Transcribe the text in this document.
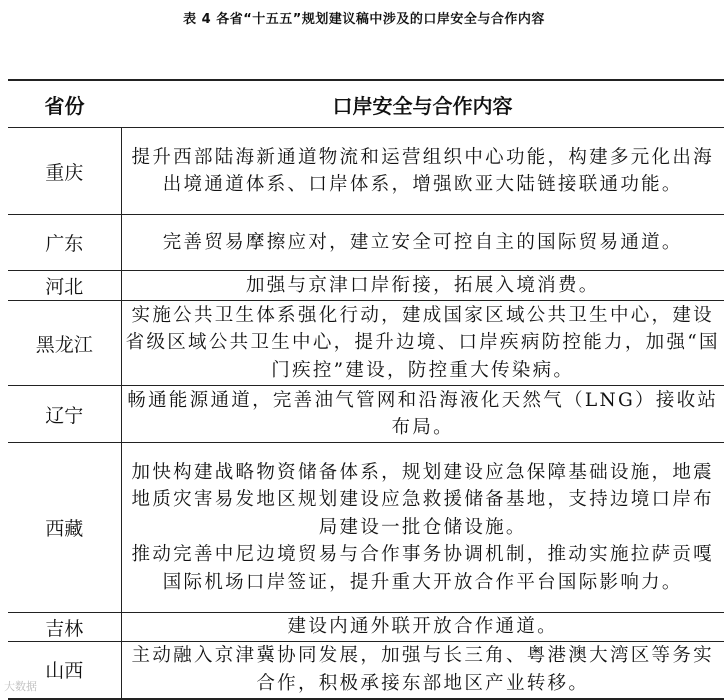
表 4 各省“十五五”规划建议稿中涉及的口岸安全与合作内容
省份	口岸安全与合作内容
重庆	提升西部陆海新通道物流和运营组织中心功能，构建多元化出海出境通道体系、口岸体系，增强欧亚大陆链接联通功能。

广东	完善贸易摩擦应对，建立安全可控自主的国际贸易通道。

河北	加强与京津口岸衔接，拓展入境消费。

黑龙江	实施公共卫生体系强化行动，建成国家区域公共卫生中心，建设省级区域公共卫生中心，提升边境、口岸疾病防控能力，加强“国门疾控”建设，防控重大传染病。

辽宁	畅通能源通道，完善油气管网和沿海液化天然气（LNG）接收站布局。

西藏	加快构建战略物资储备体系，规划建设应急保障基础设施，地震地质灾害易发地区规划建设应急救援储备基地，支持边境口岸布局建设一批仓储设施。

推动完善中尼边境贸易与合作事务协调机制，推动实施拉萨贡嘎国际机场口岸签证，提升重大开放合作平台国际影响力。

吉林	建设内通外联开放合作通道。

山西	主动融入京津冀协同发展，加强与长三角、粤港澳大湾区等务实合作，积极承接东部地区产业转移。

大数据
